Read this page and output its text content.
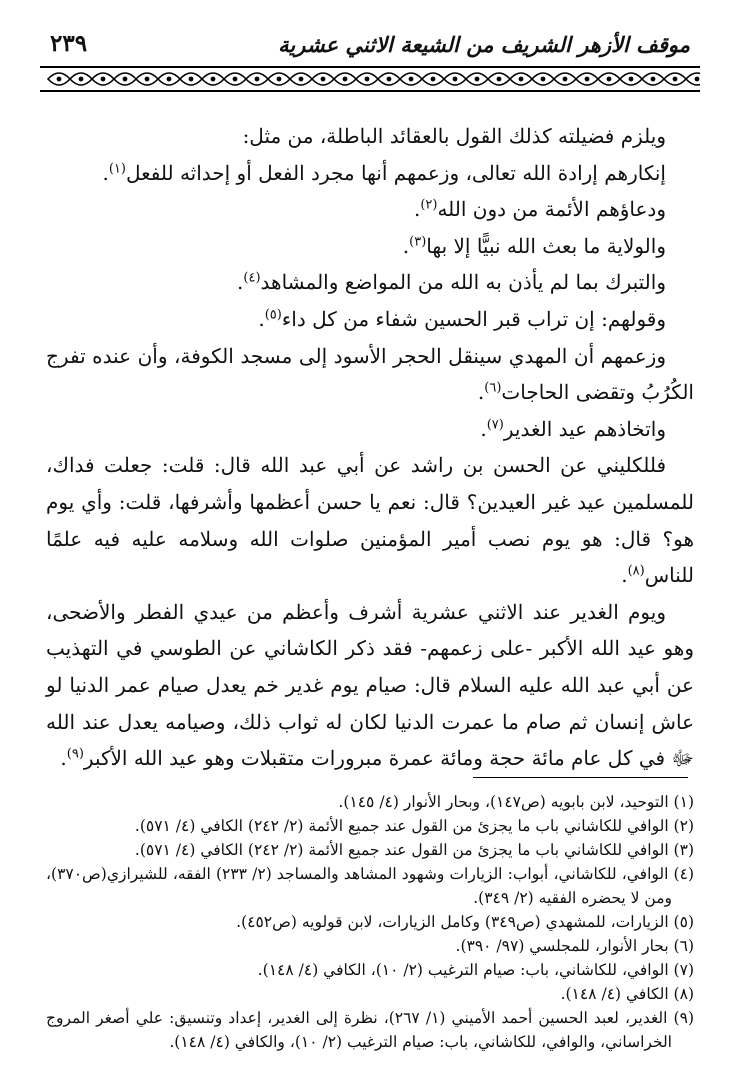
موقف الأزهر الشريف من الشيعة الاثني عشرية
٢٣٩

ويلزم فضيلته كذلك القول بالعقائد الباطلة، من مثل:

إنكارهم إرادة الله تعالى، وزعمهم أنها مجرد الفعل أو إحداثه للفعل$^{(١)}$.

ودعاؤهم الأئمة من دون الله$^{(٢)}$.

والولاية ما بعث الله نبيًّا إلا بها$^{(٣)}$.

والتبرك بما لم يأذن به الله من المواضع والمشاهد$^{(٤)}$.

وقولهم: إن تراب قبر الحسين شفاء من كل داء$^{(٥)}$.

وزعمهم أن المهدي سينقل الحجر الأسود إلى مسجد الكوفة، وأن عنده تفرج الكُرُبُ وتقضى الحاجات$^{(٦)}$.

واتخاذهم عيد الغدير$^{(٧)}$.

فللكليني عن الحسن بن راشد عن أبي عبد الله قال: قلت: جعلت فداك، للمسلمين عيد غير العيدين؟ قال: نعم يا حسن أعظمها وأشرفها، قلت: وأي يوم هو؟ قال: هو يوم نصب أمير المؤمنين صلوات الله وسلامه عليه فيه علمًا للناس$^{(٨)}$.

ويوم الغدير عند الاثني عشرية أشرف وأعظم من عيدي الفطر والأضحى، وهو عيد الله الأكبر -على زعمهم- فقد ذكر الكاشاني عن الطوسي في التهذيب عن أبي عبد الله عليه السلام قال: صيام يوم غدير خم يعدل صيام عمر الدنيا لو عاش إنسان ثم صام ما عمرت الدنيا لكان له ثواب ذلك، وصيامه يعدل عند الله ﷻ في كل عام مائة حجة ومائة عمرة مبرورات متقبلات وهو عيد الله الأكبر$^{(٩)}$.

(١) التوحيد، لابن بابويه (ص١٤٧)، وبحار الأنوار (٤/ ١٤٥).

(٢) الوافي للكاشاني باب ما يجزئ من القول عند جميع الأئمة (٢/ ٢٤٢) الكافي (٤/ ٥٧١).

(٣) الوافي للكاشاني باب ما يجزئ من القول عند جميع الأئمة (٢/ ٢٤٢) الكافي (٤/ ٥٧١).

(٤) الوافي، للكاشاني، أبواب: الزيارات وشهود المشاهد والمساجد (٢/ ٢٣٣) الفقه، للشيرازي(ص٣٧٠)، ومن لا يحضره الفقيه (٢/ ٣٤٩).

(٥) الزيارات، للمشهدي (ص٣٤٩) وكامل الزيارات، لابن قولويه (ص٤٥٢).

(٦) بحار الأنوار، للمجلسي (٩٧/ ٣٩٠).

(٧) الوافي، للكاشاني، باب: صيام الترغيب (٢/ ١٠)، الكافي (٤/ ١٤٨).

(٨) الكافي (٤/ ١٤٨).

(٩) الغدير، لعبد الحسين أحمد الأميني (١/ ٢٦٧)، نظرة إلى الغدير، إعداد وتنسيق: علي أصغر المروج الخراساني، والوافي، للكاشاني، باب: صيام الترغيب (٢/ ١٠)، والكافي (٤/ ١٤٨).
